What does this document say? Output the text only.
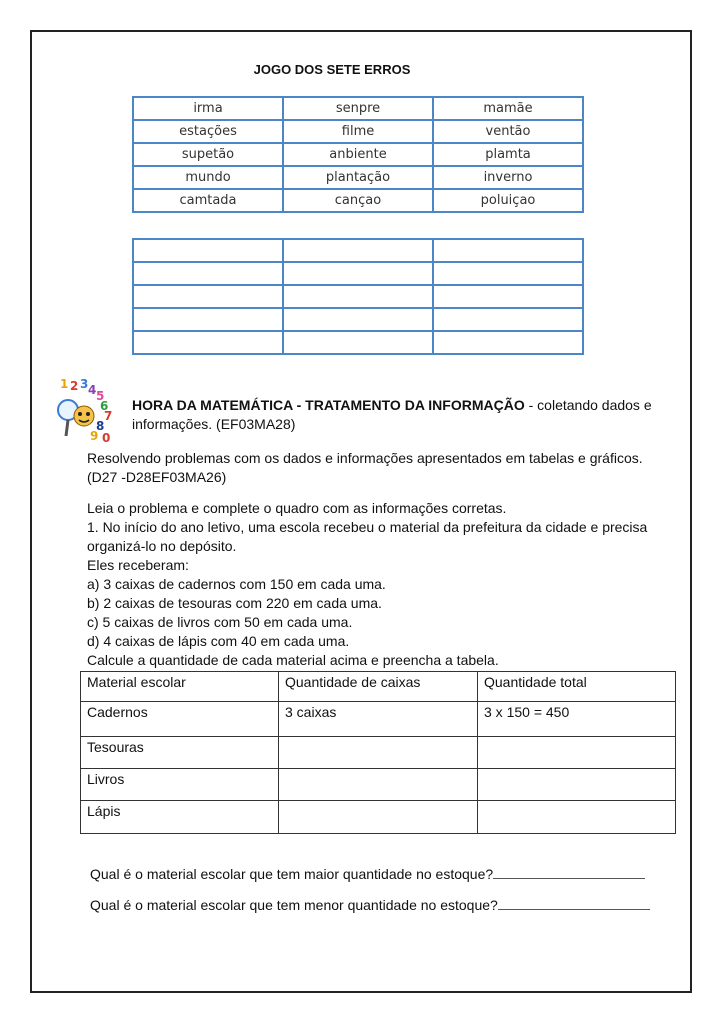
JOGO DOS SETE ERROS
irma	senpre	mamãe
estações	filme	ventão
supetão	anbiente	plamta
mundo	plantação	inverno
camtada	cançao	poluiçao

1 2 3 4 5
6
7
8
9 0
HORA DA MATEMÁTICA - TRATAMENTO DA INFORMAÇÃO - coletando dados e informações. (EF03MA28)

Resolvendo problemas com os dados e informações apresentados em tabelas e gráficos.

(D27 -D28EF03MA26)

Leia o problema e complete o quadro com as informações corretas.

1. No início do ano letivo, uma escola recebeu o material da prefeitura da cidade e precisa

organizá-lo no depósito.

Eles receberam:

a) 3 caixas de cadernos com 150 em cada uma.

b) 2 caixas de tesouras com 220 em cada uma.

c) 5 caixas de livros com 50 em cada uma.

d) 4 caixas de lápis com 40 em cada uma.

Calcule a quantidade de cada material acima e preencha a tabela.

Material escolar	Quantidade de caixas	Quantidade total
Cadernos	3 caixas	3 x 150 = 450
Tesouras		
Livros		
Lápis		
Qual é o material escolar que tem maior quantidade no estoque?
Qual é o material escolar que tem menor quantidade no estoque?
